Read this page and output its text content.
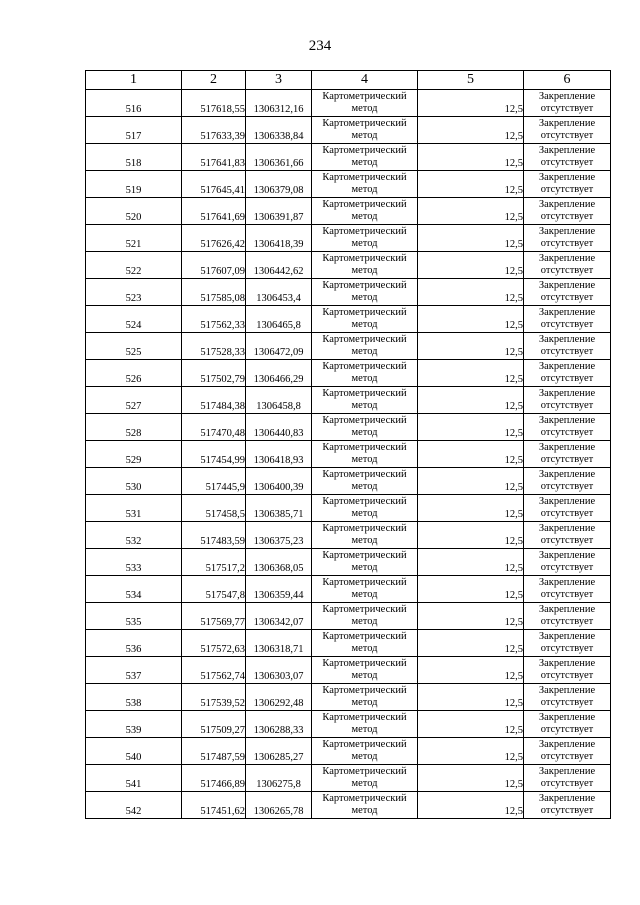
234
1	2	3	4	5	6
516	517618,55	1306312,16	Картометрический метод	12,5	Закрепление отсутствует
517	517633,39	1306338,84	Картометрический метод	12,5	Закрепление отсутствует
518	517641,83	1306361,66	Картометрический метод	12,5	Закрепление отсутствует
519	517645,41	1306379,08	Картометрический метод	12,5	Закрепление отсутствует
520	517641,69	1306391,87	Картометрический метод	12,5	Закрепление отсутствует
521	517626,42	1306418,39	Картометрический метод	12,5	Закрепление отсутствует
522	517607,09	1306442,62	Картометрический метод	12,5	Закрепление отсутствует
523	517585,08	1306453,4	Картометрический метод	12,5	Закрепление отсутствует
524	517562,33	1306465,8	Картометрический метод	12,5	Закрепление отсутствует
525	517528,33	1306472,09	Картометрический метод	12,5	Закрепление отсутствует
526	517502,79	1306466,29	Картометрический метод	12,5	Закрепление отсутствует
527	517484,38	1306458,8	Картометрический метод	12,5	Закрепление отсутствует
528	517470,48	1306440,83	Картометрический метод	12,5	Закрепление отсутствует
529	517454,99	1306418,93	Картометрический метод	12,5	Закрепление отсутствует
530	517445,9	1306400,39	Картометрический метод	12,5	Закрепление отсутствует
531	517458,5	1306385,71	Картометрический метод	12,5	Закрепление отсутствует
532	517483,59	1306375,23	Картометрический метод	12,5	Закрепление отсутствует
533	517517,2	1306368,05	Картометрический метод	12,5	Закрепление отсутствует
534	517547,8	1306359,44	Картометрический метод	12,5	Закрепление отсутствует
535	517569,77	1306342,07	Картометрический метод	12,5	Закрепление отсутствует
536	517572,63	1306318,71	Картометрический метод	12,5	Закрепление отсутствует
537	517562,74	1306303,07	Картометрический метод	12,5	Закрепление отсутствует
538	517539,52	1306292,48	Картометрический метод	12,5	Закрепление отсутствует
539	517509,27	1306288,33	Картометрический метод	12,5	Закрепление отсутствует
540	517487,59	1306285,27	Картометрический метод	12,5	Закрепление отсутствует
541	517466,89	1306275,8	Картометрический метод	12,5	Закрепление отсутствует
542	517451,62	1306265,78	Картометрический метод	12,5	Закрепление отсутствует
